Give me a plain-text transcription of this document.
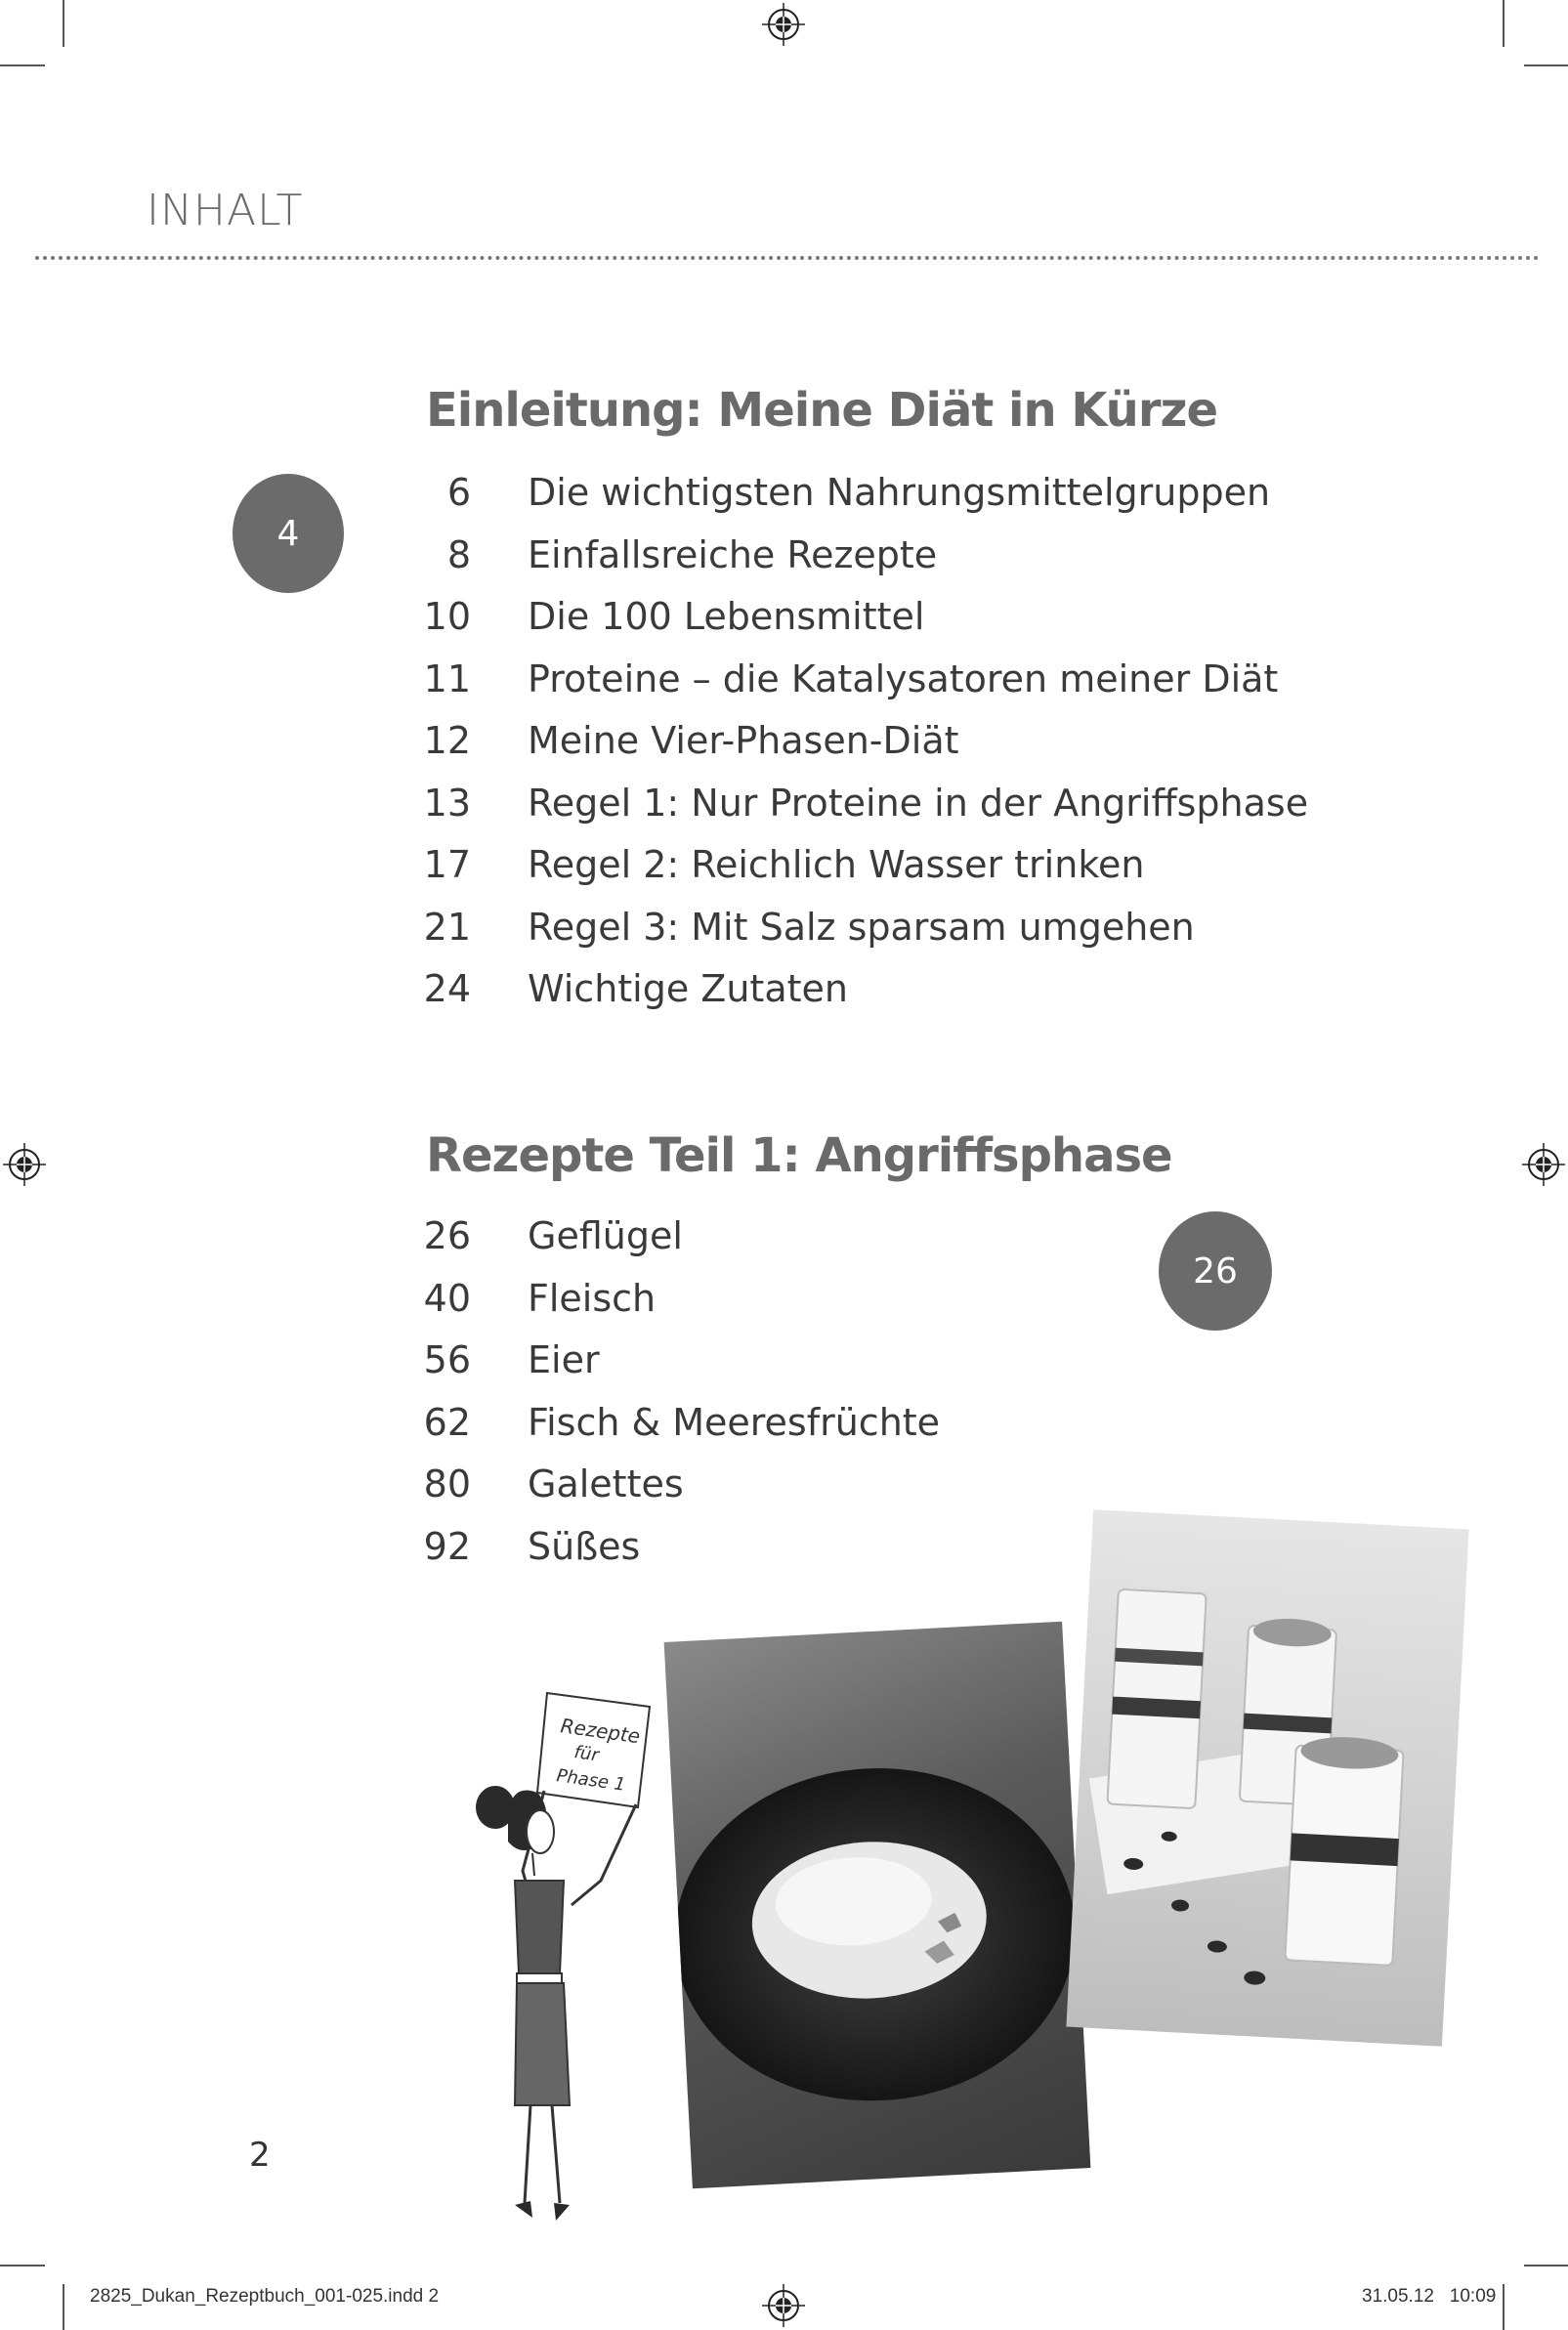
INHALT
Einleitung: Meine Diät in Kürze
4
6 Die wichtigsten Nahrungsmittelgruppen
8 Einfallsreiche Rezepte
10 Die 100 Lebensmittel
11 Proteine – die Katalysatoren meiner Diät
12 Meine Vier-Phasen-Diät
13 Regel 1: Nur Proteine in der Angriffsphase
17 Regel 2: Reichlich Wasser trinken
21 Regel 3: Mit Salz sparsam umgehen
24 Wichtige Zutaten
Rezepte Teil 1: Angriffsphase
26
26 Geflügel
40 Fleisch
56 Eier
62 Fisch & Meeresfrüchte
80 Galettes
92 Süßes
Rezepte
für
Phase 1
2
2825_Dukan_Rezeptbuch_001-025.indd 2	31.05.12   10:09
